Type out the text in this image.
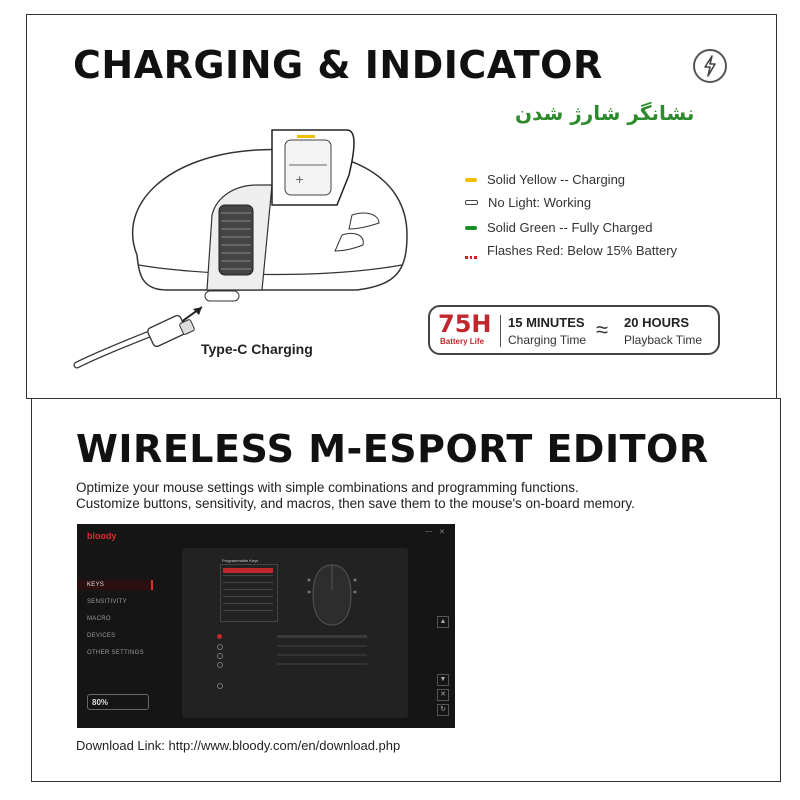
CHARGING & INDICATOR
نشانگر شارژ شدن
+
Type-C Charging
Solid Yellow -- Charging
No Light: Working
Solid Green -- Fully Charged
Flashes Red: Below 15% Battery
75H
Battery Life
15 MINUTES
Charging Time ≈ 20 HOURS
Playback Time
WIRELESS M-ESPORT EDITOR
Optimize your mouse settings with simple combinations and programming functions.
Customize buttons, sensitivity, and macros, then save them to the mouse's on-board memory.
bloody	— ✕
KEYS
SENSITIVITY
MACRO
DEVICES
OTHER SETTINGS
80%
Programmable Keys
▲
▼
✕
↻
Download Link: http://www.bloody.com/en/download.php
